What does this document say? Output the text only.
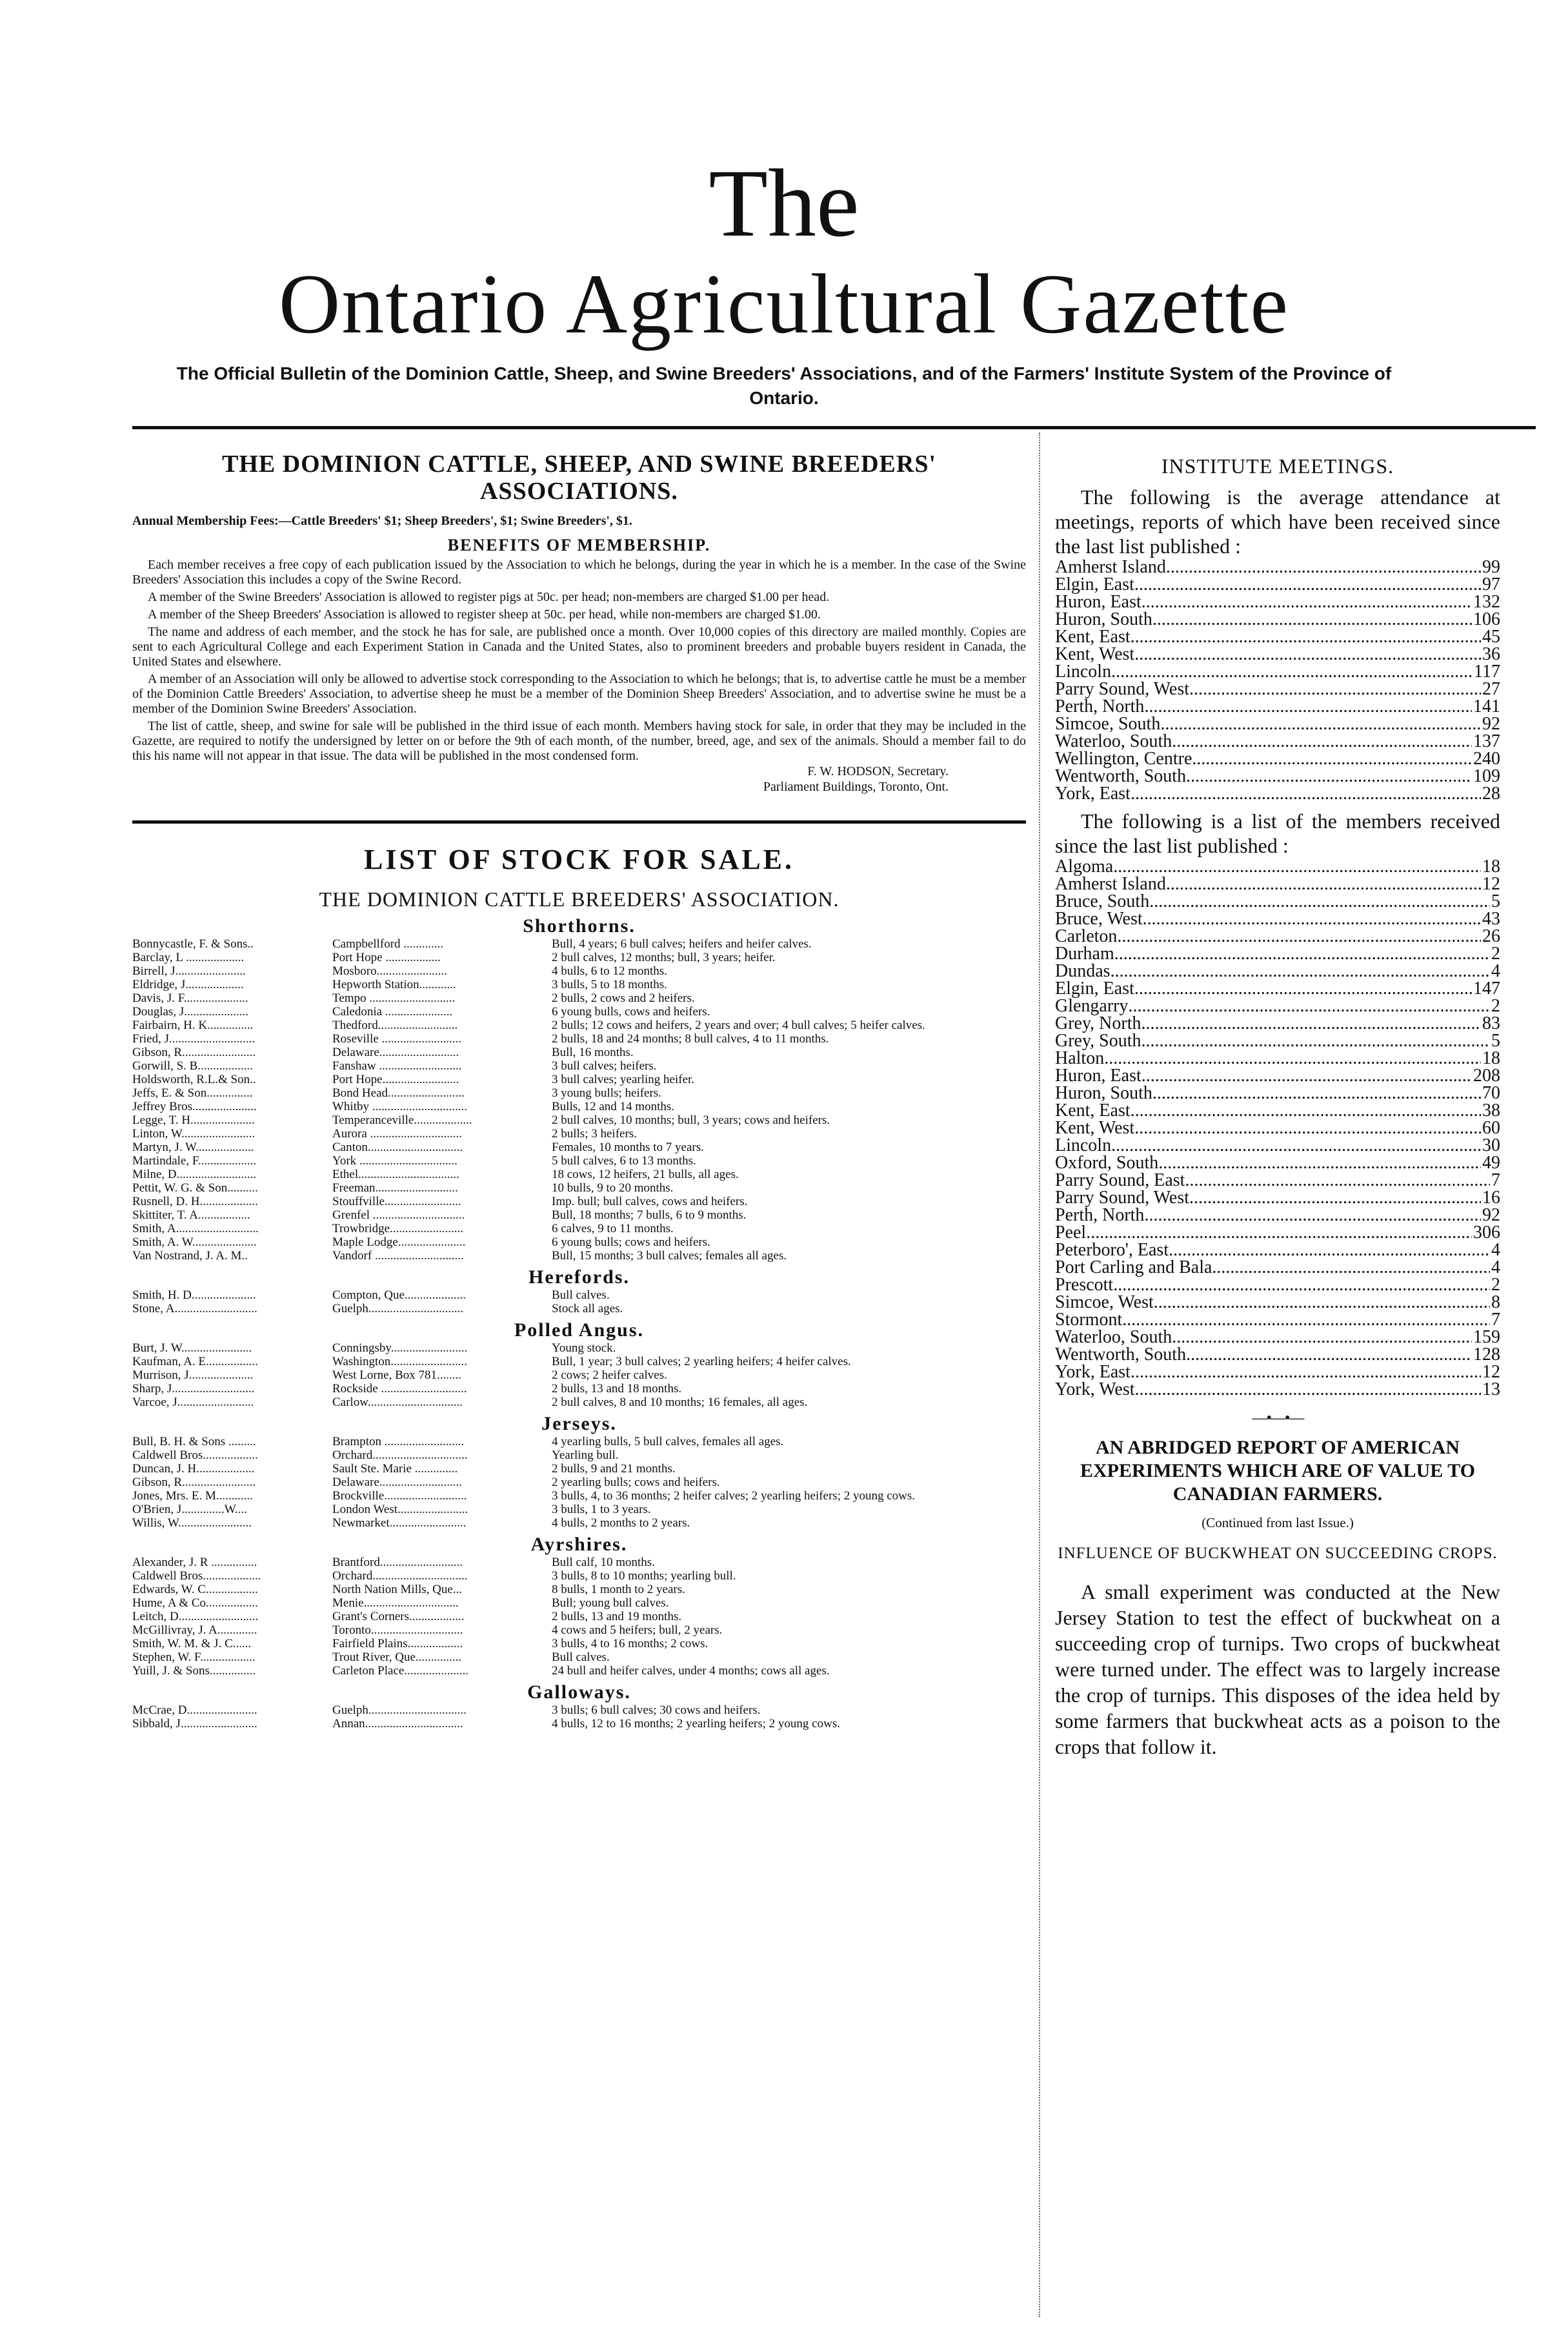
The
Ontario Agricultural Gazette
The Official Bulletin of the Dominion Cattle, Sheep, and Swine Breeders' Associations, and of the Farmers' Institute System of the Province of Ontario.
THE DOMINION CATTLE, SHEEP, AND SWINE BREEDERS' ASSOCIATIONS.
Annual Membership Fees:—Cattle Breeders' $1; Sheep Breeders', $1; Swine Breeders', $1.
BENEFITS OF MEMBERSHIP.

Each member receives a free copy of each publication issued by the Association to which he belongs, during the year in which he is a member. In the case of the Swine Breeders' Association this includes a copy of the Swine Record.

A member of the Swine Breeders' Association is allowed to register pigs at 50c. per head; non-members are charged $1.00 per head.

A member of the Sheep Breeders' Association is allowed to register sheep at 50c. per head, while non-members are charged $1.00.

The name and address of each member, and the stock he has for sale, are published once a month. Over 10,000 copies of this directory are mailed monthly. Copies are sent to each Agricultural College and each Experiment Station in Canada and the United States, also to prominent breeders and probable buyers resident in Canada, the United States and elsewhere.

A member of an Association will only be allowed to advertise stock corresponding to the Association to which he belongs; that is, to advertise cattle he must be a member of the Dominion Cattle Breeders' Association, to advertise sheep he must be a member of the Dominion Sheep Breeders' Association, and to advertise swine he must be a member of the Dominion Swine Breeders' Association.

The list of cattle, sheep, and swine for sale will be published in the third issue of each month. Members having stock for sale, in order that they may be included in the Gazette, are required to notify the undersigned by letter on or before the 9th of each month, of the number, breed, age, and sex of the animals. Should a member fail to do this his name will not appear in that issue. The data will be published in the most condensed form.

F. W. HODSON, Secretary.
Parliament Buildings, Toronto, Ont.
LIST OF STOCK FOR SALE.
THE DOMINION CATTLE BREEDERS' ASSOCIATION.
Shorthorns.
Bonnycastle, F. & Sons..	Campbellford .............	Bull, 4 years; 6 bull calves; heifers and heifer calves.
Barclay, L ...................	Port Hope ..................	2 bull calves, 12 months; bull, 3 years; heifer.
Birrell, J.......................	Mosboro.......................	4 bulls, 6 to 12 months.
Eldridge, J...................	Hepworth Station............	3 bulls, 5 to 18 months.
Davis, J. F.....................	Tempo ............................	2 bulls, 2 cows and 2 heifers.
Douglas, J.....................	Caledonia ......................	6 young bulls, cows and heifers.
Fairbairn, H. K...............	Thedford..........................	2 bulls; 12 cows and heifers, 2 years and over; 4 bull calves; 5 heifer calves.
Fried, J............................	Roseville ..........................	2 bulls, 18 and 24 months; 8 bull calves, 4 to 11 months.
Gibson, R........................	Delaware..........................	Bull, 16 months.
Gorwill, S. B..................	Fanshaw ...........................	3 bull calves; heifers.
Holdsworth, R.L.& Son..	Port Hope.........................	3 bull calves; yearling heifer.
Jeffs, E. & Son...............	Bond Head.........................	3 young bulls; heifers.
Jeffrey Bros.....................	Whitby ...............................	Bulls, 12 and 14 months.
Legge, T. H.....................	Temperanceville...................	2 bull calves, 10 months; bull, 3 years; cows and heifers.
Linton, W........................	Aurora ..............................	2 bulls; 3 heifers.
Martyn, J. W...................	Canton...............................	Females, 10 months to 7 years.
Martindale, F...................	York ................................	5 bull calves, 6 to 13 months.
Milne, D..........................	Ethel.................................	18 cows, 12 heifers, 21 bulls, all ages.
Pettit, W. G. & Son..........	Freeman...........................	10 bulls, 9 to 20 months.
Rusnell, D. H...................	Stouffville.........................	Imp. bull; bull calves, cows and heifers.
Skittiter, T. A.................	Grenfel ..............................	Bull, 18 months; 7 bulls, 6 to 9 months.
Smith, A...........................	Trowbridge........................	6 calves, 9 to 11 months.
Smith, A. W.....................	Maple Lodge......................	6 young bulls; cows and heifers.
Van Nostrand, J. A. M..	Vandorf .............................	Bull, 15 months; 3 bull calves; females all ages.
Herefords.
Smith, H. D.....................	Compton, Que....................	Bull calves.
Stone, A...........................	Guelph...............................	Stock all ages.
Polled Angus.
Burt, J. W.......................	Conningsby.........................	Young stock.
Kaufman, A. E.................	Washington.........................	Bull, 1 year; 3 bull calves; 2 yearling heifers; 4 heifer calves.
Murrison, J.....................	West Lorne, Box 781........	2 cows; 2 heifer calves.
Sharp, J...........................	Rockside ............................	2 bulls, 13 and 18 months.
Varcoe, J.........................	Carlow...............................	2 bull calves, 8 and 10 months; 16 females, all ages.
Jerseys.
Bull, B. H. & Sons .........	Brampton ..........................	4 yearling bulls, 5 bull calves, females all ages.
Caldwell Bros..................	Orchard...............................	Yearling bull.
Duncan, J. H...................	Sault Ste. Marie ..............	2 bulls, 9 and 21 months.
Gibson, R........................	Delaware...........................	2 yearling bulls; cows and heifers.
Jones, Mrs. E. M............	Brockville...........................	3 bulls, 4, to 36 months; 2 heifer calves; 2 yearling heifers; 2 young cows.
O'Brien, J..............W....	London West.......................	3 bulls, 1 to 3 years.
Willis, W........................	Newmarket.........................	4 bulls, 2 months to 2 years.
Ayrshires.
Alexander, J. R ...............	Brantford...........................	Bull calf, 10 months.
Caldwell Bros...................	Orchard...............................	3 bulls, 8 to 10 months; yearling bull.
Edwards, W. C.................	North Nation Mills, Que...	8 bulls, 1 month to 2 years.
Hume, A & Co.................	Menie...............................	Bull; young bull calves.
Leitch, D..........................	Grant's Corners..................	2 bulls, 13 and 19 months.
McGillivray, J. A.............	Toronto..............................	4 cows and 5 heifers; bull, 2 years.
Smith, W. M. & J. C......	Fairfield Plains..................	3 bulls, 4 to 16 months; 2 cows.
Stephen, W. F..................	Trout River, Que...............	Bull calves.
Yuill, J. & Sons...............	Carleton Place.....................	24 bull and heifer calves, under 4 months; cows all ages.
Galloways.
McCrae, D.......................	Guelph................................	3 bulls; 6 bull calves; 30 cows and heifers.
Sibbald, J.........................	Annan................................	4 bulls, 12 to 16 months; 2 yearling heifers; 2 young cows.
INSTITUTE MEETINGS.

The following is the average attendance at meetings, reports of which have been received since the last list published :

Amherst Island .....	99
Elgin, East .....	97
Huron, East .....	132
Huron, South .....	106
Kent, East .....	45
Kent, West .....	36
Lincoln .....	117
Parry Sound, West .....	27
Perth, North .....	141
Simcoe, South .....	92
Waterloo, South .....	137
Wellington, Centre .....	240
Wentworth, South .....	109
York, East .....	28

The following is a list of the members received since the last list published :

Algoma .....	18
Amherst Island .....	12
Bruce, South .....	5
Bruce, West .....	43
Carleton .....	26
Durham .....	2
Dundas .....	4
Elgin, East .....	147
Glengarry .....	2
Grey, North .....	83
Grey, South .....	5
Halton .....	18
Huron, East .....	208
Huron, South .....	70
Kent, East .....	38
Kent, West .....	60
Lincoln .....	30
Oxford, South .....	49
Parry Sound, East .....	7
Parry Sound, West .....	16
Perth, North .....	92
Peel .....	306
Peterboro', East .....	4
Port Carling and Bala .....	4
Prescott .....	2
Simcoe, West .....	8
Stormont .....	7
Waterloo, South .....	159
Wentworth, South .....	128
York, East .....	12
York, West .....	13
—•—•—
AN ABRIDGED REPORT OF AMERICAN EXPERIMENTS WHICH ARE OF VALUE TO CANADIAN FARMERS.
(Continued from last Issue.)
INFLUENCE OF BUCKWHEAT ON SUCCEEDING CROPS.

A small experiment was conducted at the New Jersey Station to test the effect of buckwheat on a succeeding crop of turnips. Two crops of buckwheat were turned under. The effect was to largely increase the crop of turnips. This disposes of the idea held by some farmers that buckwheat acts as a poison to the crops that follow it.
